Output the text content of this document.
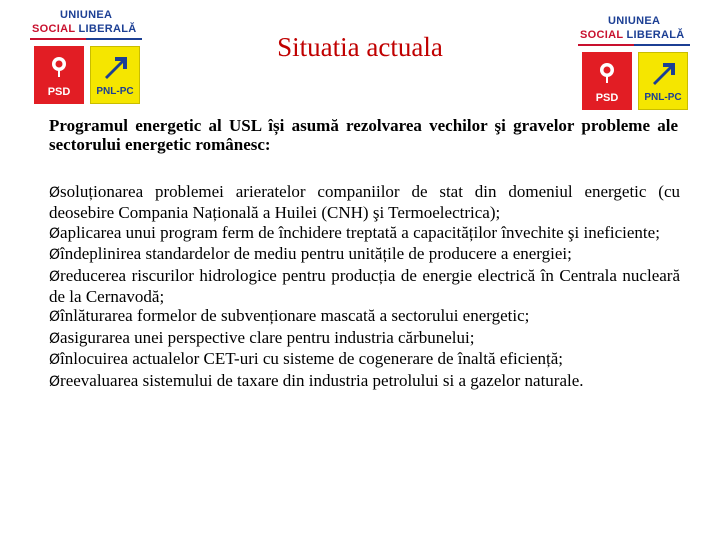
UNIUNEA
SOCIAL LIBERALĂ
PSD	PNL-PC
UNIUNEA
SOCIAL LIBERALĂ
PSD	PNL-PC
Situatia actuala

Programul energetic al USL își asumă rezolvarea vechilor şi gravelor probleme ale sectorului energetic românesc:

Øsoluționarea problemei arieratelor companiilor de stat din domeniul energetic (cu deosebire Compania Națională a Huilei (CNH) şi Termoelectrica);
Øaplicarea unui program ferm de închidere treptată a capacităților învechite şi ineficiente;
Øîndeplinirea standardelor de mediu pentru unitățile de producere a energiei;
Øreducerea riscurilor hidrologice pentru producția de energie electrică în Centrala nucleară de la Cernavodă;
Øînlăturarea formelor de subvenționare mascată a sectorului energetic;
Øasigurarea unei perspective clare pentru industria cărbunelui;
Øînlocuirea actualelor CET-uri cu sisteme de cogenerare de înaltă eficiență;
Øreevaluarea sistemului de taxare din industria petrolului si a gazelor naturale.
